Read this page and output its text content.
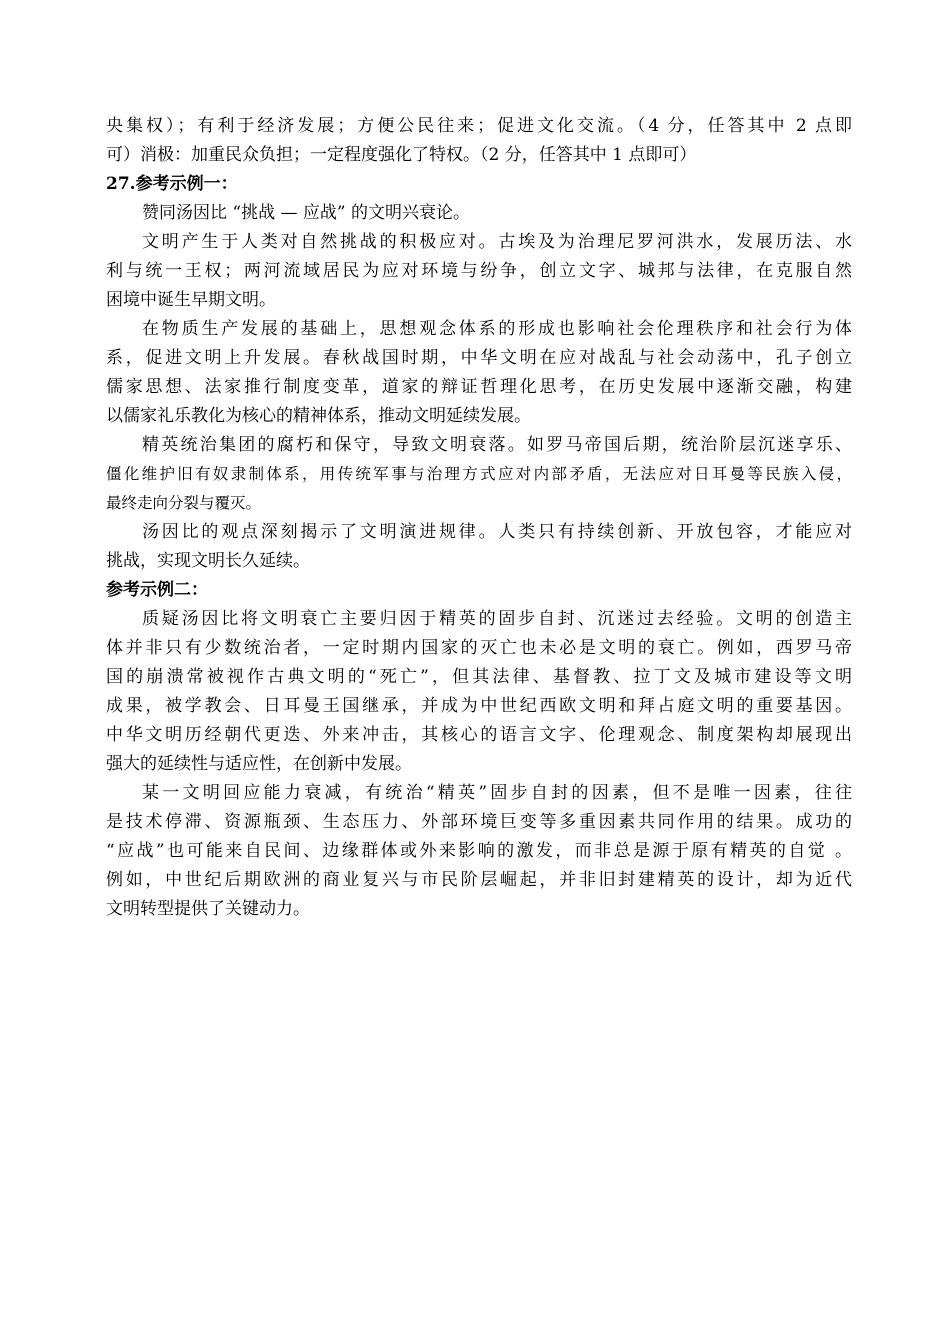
央集权）；有利于经济发展；方便公民往来；促进文化交流。（4 分，任答其中 2 点即
可）消极：加重民众负担；一定程度强化了特权。（2 分，任答其中 1 点即可）
27.参考示例一：
赞同汤因比 “挑战 — 应战” 的文明兴衰论。
文明产生于人类对自然挑战的积极应对。古埃及为治理尼罗河洪水，发展历法、水
利与统一王权；两河流域居民为应对环境与纷争，创立文字、城邦与法律，在克服自然
困境中诞生早期文明。
在物质生产发展的基础上，思想观念体系的形成也影响社会伦理秩序和社会行为体
系，促进文明上升发展。春秋战国时期，中华文明在应对战乱与社会动荡中，孔子创立
儒家思想、法家推行制度变革，道家的辩证哲理化思考，在历史发展中逐渐交融，构建
以儒家礼乐教化为核心的精神体系，推动文明延续发展。
精英统治集团的腐朽和保守，导致文明衰落。如罗马帝国后期，统治阶层沉迷享乐、
僵化维护旧有奴隶制体系，用传统军事与治理方式应对内部矛盾，无法应对日耳曼等民族入侵，
最终走向分裂与覆灭。
汤因比的观点深刻揭示了文明演进规律。人类只有持续创新、开放包容，才能应对
挑战，实现文明长久延续。
参考示例二：
质疑汤因比将文明衰亡主要归因于精英的固步自封、沉迷过去经验。文明的创造主
体并非只有少数统治者，一定时期内国家的灭亡也未必是文明的衰亡。例如，西罗马帝
国的崩溃常被视作古典文明的“死亡”，但其法律、基督教、拉丁文及城市建设等文明
成果，被学教会、日耳曼王国继承，并成为中世纪西欧文明和拜占庭文明的重要基因。
中华文明历经朝代更迭、外来冲击，其核心的语言文字、伦理观念、制度架构却展现出
强大的延续性与适应性，在创新中发展。
某一文明回应能力衰减，有统治“精英”固步自封的因素，但不是唯一因素，往往
是技术停滞、资源瓶颈、生态压力、外部环境巨变等多重因素共同作用的结果。成功的
“应战”也可能来自民间、边缘群体或外来影响的激发，而非总是源于原有精英的自觉 。
例如，中世纪后期欧洲的商业复兴与市民阶层崛起，并非旧封建精英的设计，却为近代
文明转型提供了关键动力。
